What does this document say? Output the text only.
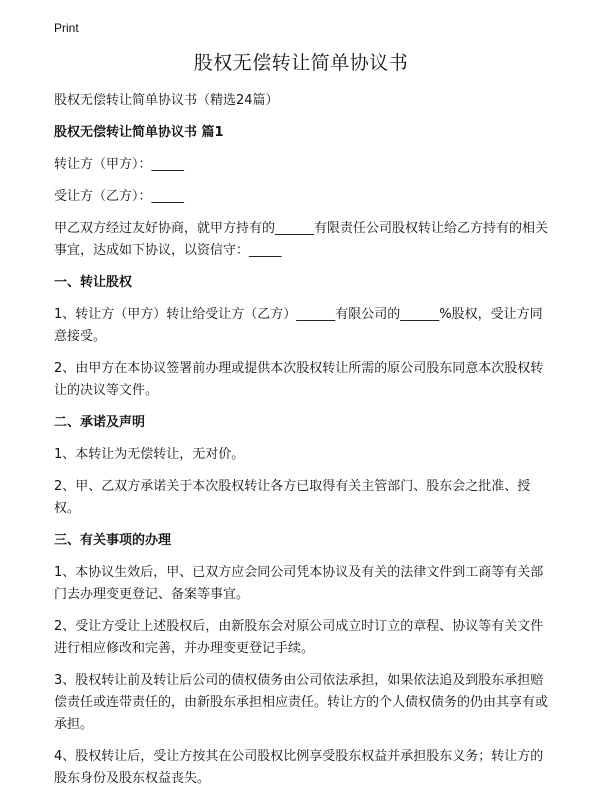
Print
股权无偿转让简单协议书

股权无偿转让简单协议书（精选24篇）

股权无偿转让简单协议书 篇1

转让方（甲方）：_____

受让方（乙方）：_____

甲乙双方经过友好协商，就甲方持有的______有限责任公司股权转让给乙方持有的相关事宜，达成如下协议，以资信守：_____

一、转让股权

1、转让方（甲方）转让给受让方（乙方）______有限公司的______%股权，受让方同意接受。

2、由甲方在本协议签署前办理或提供本次股权转让所需的原公司股东同意本次股权转让的决议等文件。

二、承诺及声明

1、本转让为无偿转让，无对价。

2、甲、乙双方承诺关于本次股权转让各方已取得有关主管部门、股东会之批准、授权。

三、有关事项的办理

1、本协议生效后，甲、已双方应会同公司凭本协议及有关的法律文件到工商等有关部门去办理变更登记、备案等事宜。

2、受让方受让上述股权后，由新股东会对原公司成立时订立的章程、协议等有关文件进行相应修改和完善，并办理变更登记手续。

3、股权转让前及转让后公司的债权债务由公司依法承担，如果依法追及到股东承担赔偿责任或连带责任的，由新股东承担相应责任。转让方的个人债权债务的仍由其享有或承担。

4、股权转让后，受让方按其在公司股权比例享受股东权益并承担股东义务；转让方的股东身份及股东权益丧失。
